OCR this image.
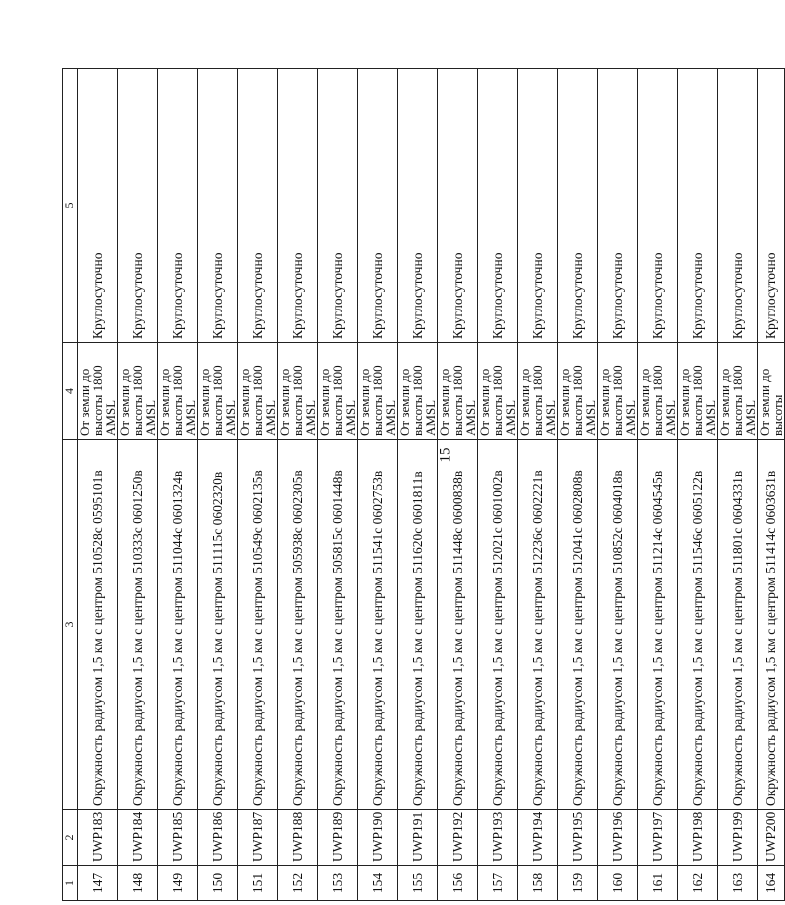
15
1	2	3	4	5
147	UWP183	Окружность радиусом 1,5 км с центром 510528с 0595101в	От земли до высоты 1800 AMSL	Круглосуточно
148	UWP184	Окружность радиусом 1,5 км с центром 510333с 0601250в	От земли до высоты 1800 AMSL	Круглосуточно
149	UWP185	Окружность радиусом 1,5 км с центром 511044с 0601324в	От земли до высоты 1800 AMSL	Круглосуточно
150	UWP186	Окружность радиусом 1,5 км с центром 511115с 0602320в	От земли до высоты 1800 AMSL	Круглосуточно
151	UWP187	Окружность радиусом 1,5 км с центром 510549с 0602135в	От земли до высоты 1800 AMSL	Круглосуточно
152	UWP188	Окружность радиусом 1,5 км с центром 505938с 0602305в	От земли до высоты 1800 AMSL	Круглосуточно
153	UWP189	Окружность радиусом 1,5 км с центром 505815с 0601448в	От земли до высоты 1800 AMSL	Круглосуточно
154	UWP190	Окружность радиусом 1,5 км с центром 511541с 0602753в	От земли до высоты 1800 AMSL	Круглосуточно
155	UWP191	Окружность радиусом 1,5 км с центром 511620с 0601811в	От земли до высоты 1800 AMSL	Круглосуточно
156	UWP192	Окружность радиусом 1,5 км с центром 511448с 0600838в	От земли до высоты 1800 AMSL	Круглосуточно
157	UWP193	Окружность радиусом 1,5 км с центром 512021с 0601002в	От земли до высоты 1800 AMSL	Круглосуточно
158	UWP194	Окружность радиусом 1,5 км с центром 512236с 0602221в	От земли до высоты 1800 AMSL	Круглосуточно
159	UWP195	Окружность радиусом 1,5 км с центром 512041с 0602808в	От земли до высоты 1800 AMSL	Круглосуточно
160	UWP196	Окружность радиусом 1,5 км с центром 510852с 0604018в	От земли до высоты 1800 AMSL	Круглосуточно
161	UWP197	Окружность радиусом 1,5 км с центром 511214с 0604545в	От земли до высоты 1800 AMSL	Круглосуточно
162	UWP198	Окружность радиусом 1,5 км с центром 511546с 0605122в	От земли до высоты 1800 AMSL	Круглосуточно
163	UWP199	Окружность радиусом 1,5 км с центром 511801с 0604331в	От земли до высоты 1800 AMSL	Круглосуточно
164	UWP200	Окружность радиусом 1,5 км с центром 511414с 0603631в	От земли до высоты	Круглосуточно
